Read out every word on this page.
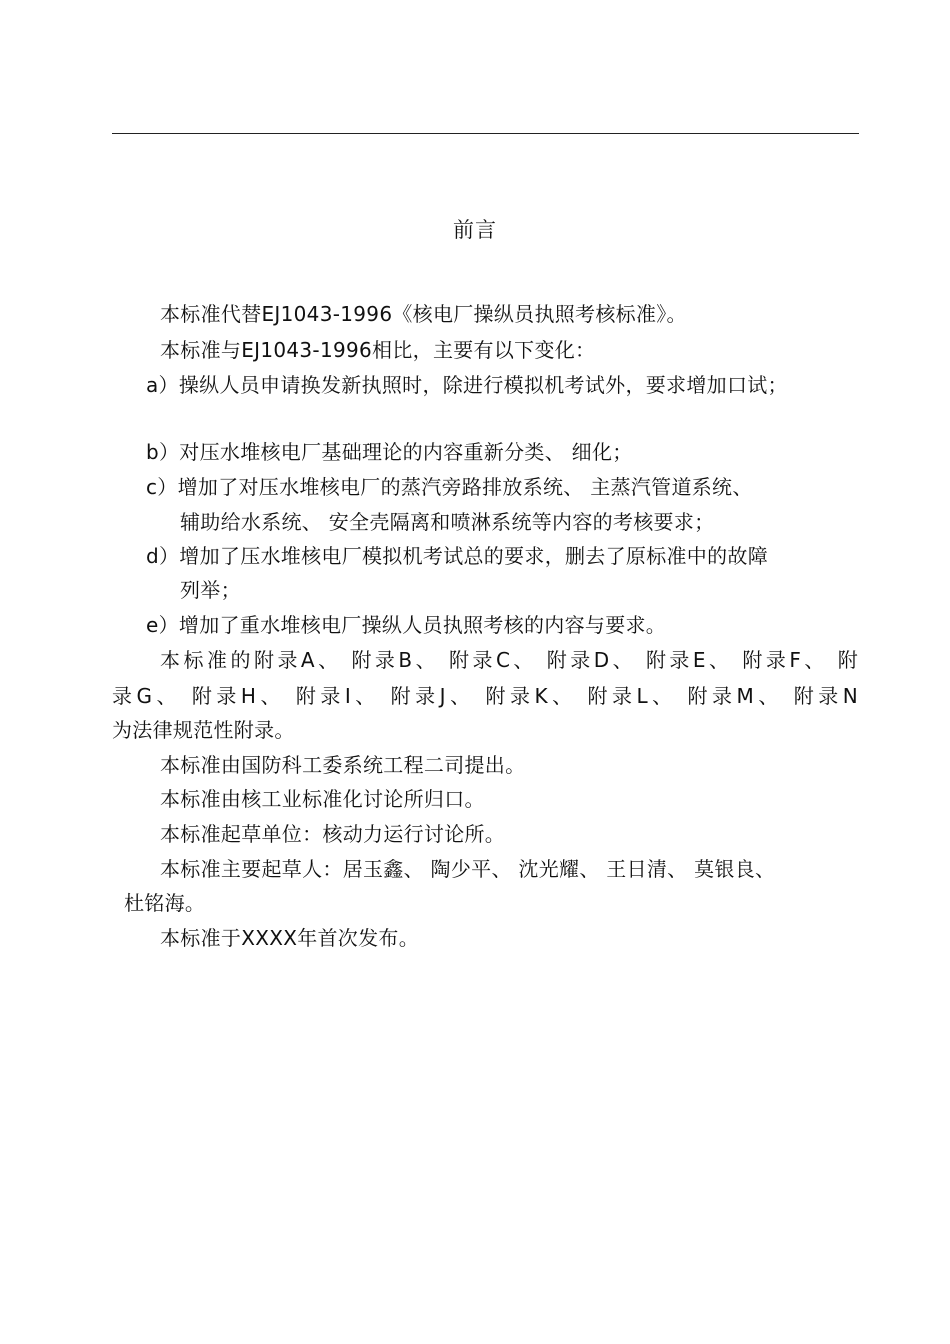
前言
本标准代替EJ1043-1996《核电厂操纵员执照考核标准》。
本标准与EJ1043-1996相比，主要有以下变化：
a）操纵人员申请换发新执照时，除进行模拟机考试外，要求增加口试；
b）对压水堆核电厂基础理论的内容重新分类、 细化；
c）增加了对压水堆核电厂的蒸汽旁路排放系统、 主蒸汽管道系统、
辅助给水系统、 安全壳隔离和喷淋系统等内容的考核要求；
d）增加了压水堆核电厂模拟机考试总的要求，删去了原标准中的故障
列举；
e）增加了重水堆核电厂操纵人员执照考核的内容与要求。
本标准的附录A、 附录B、 附录C、 附录D、 附录E、 附录F、 附
录G、 附录H、 附录I、 附录J、 附录K、 附录L、 附录M、 附录N
为法律规范性附录。
本标准由国防科工委系统工程二司提出。
本标准由核工业标准化讨论所归口。
本标准起草单位：核动力运行讨论所。
本标准主要起草人：居玉鑫、 陶少平、 沈光耀、 王日清、 莫银良、
杜铭海。
本标准于XXXX年首次发布。
